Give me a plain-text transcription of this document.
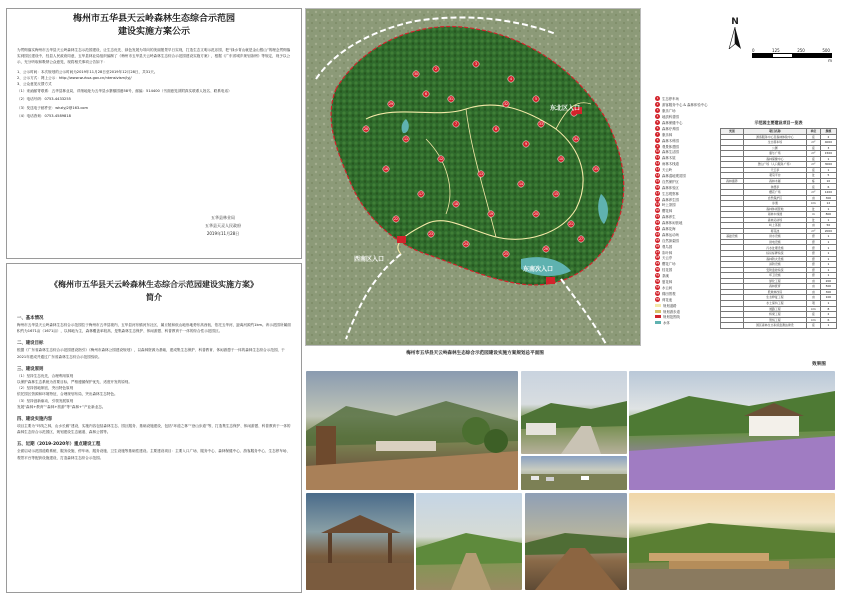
梅州市五华县天云岭森林生态综合示范园
建设实施方案公示
为贯彻落实梅州市五华县天云岭森林生态示范园建设，让生态优先、绿色发展为导向的美丽愿景早日实现，打造生态文明示范乐园，把“绿水青山就是金山银山”的理念贯彻落实到园区建设中，经县人民政府同意，五华县林业局组织编制了《梅州市五华县天云岭森林生态综合示范园建设实施方案》，根据《广东省城乡规划条例》等规定，现予以公示，充分听取和吸纳公众意见，现将相关事项公告如下：
1、公示时间：本次规划的公示时间为2019年11月28日至2019年12月28日，共31天。
2、公示方式：网上公示：http://www.wuhua.gov.cn/ntensivism/lyj/
3、公众意见反馈方式
（1）来函邮寄联系：五华县林业局，详细地址为五华县水寨镇园港58号，邮编：514400（书面意见须附真实联系人姓名、联系电话）
（2）电话号码：0753-4433255
（3）发送电子邮件至：whzlyj2@163.com
（4）电话咨询：0753-4589818
五华县林业局
五华县天灵人民政府
2019年11月28日
《梅州市五华县天云岭森林生态综合示范园建设实施方案》
简介
一、基本情况
梅州市五华县天云岭森林生态综合示范园位于梅州市五华县境内，五华县河东镇河东社区，属丘陵和低山地形地势东高西低，依托五华河，距离河源约1km。该示范园所属面积约为1671亩（1671亩），以林地为主，森林覆盖率较高，是集森林生态保护、休闲游憩、科普教育于一体的综合性示范园区。
二、建设目标
根据《广东省森林生态综合示范园建设指引》《梅州市森林公园建设规划》，以森林资源为基础，建成集生态保护、科普教育、休闲游憩于一体的森林生态综合示范园，于2021年建成并通过广东省森林生态综合示范园验收。
三、建设原则
（1）坚持生态优先，合理利用原则
以保护森林生态系统为首要目标，严格遵循保护优先、适度开发的原则。
（2）坚持因地制宜，突出特色原则
依托园区资源和环境特征，合理规划布局，突出森林生态特色。
（3）坚持创新驱动，引领发展原则
发展“森林+教育”“森林+旅游”等“森林+”产业新业态。
四、建设实施内容
项目主要为“环线之林，山水长廊”建设，实施内容包括森林生态、园区服务、基础设施建设，包括“环道之林”“登山步道”等，打造集生态保护、休闲游憩、科普教育于一体的森林生态综合示范园区，规划建设生态廊道、森林公园等。
五、近期（2019-2020年）重点建设工程
全面启动示范园道路系统、服务设施、停车场、服务设施、卫生设施等基础性建设。主要建设项目：主要入口广场、服务中心、森林保健中心、游客服务中心、生态停车场、观景平台等配套设施建设，打造森林生态综合示范园。
2
3
4
5
6
7
8
9
10
11
12
13
14
15
16
17
18
19	20
21
22
23
24
25
26
27
28
29
30
31
32
33
34
35
东北区入口
西南区入口
东南次入口
梅州市五华县天云岭森林生态综合示范园建设实施方案规划总平面图
N
0	125	250	500
m
1	生态停车场
2	游客服务中心 & 森林体验中心
3	康乐广场
4	地质科普园
5	森林保健中心
6	森林疗养园
7	康乐林
8	森林木科园
9	观景休憩园
10 森林生活园
11 森林木屋
12 雨林木栈道
13 天云岭
14 森林湿地观赏园
15 自然保护区
16 森林体验区
17 生态观察林
18 森林养生园
19 岭上茶园
20 樱花林
21 森林养生
22 森林休闲营地
23 森林花海
24 森林运动场
25 自然探索园
26 观鸟园
27 彩叶林
28 天云亭
29 樱花广场
30 桂花园
31 茶溪
32 夏花林
33 水云间
34 梯田景观
35 荷花池
规划道路
规划游步道
规划范围线
水体
示范园主要建设项目一览表
类别	项目名称	单位	规模
	游客服务中心及森林体验中心	座	2
	生态停车场	m²	4000
	公厕	座	3
	康乐广场	m²	1500
	森林保健中心	座	1
	登山广场（入口服务广场）	m²	3000
	天云亭	座	1
	观景平台	处	5
森林康养	森林木屋	栋	10
	休憩亭	座	6
	樱花广场	m²	1200
	自然保护区	亩	300
	步道	km	12
	森林休闲营地	处	1
	雨林木栈道	m	800
	森林运动场	处	1
	岭上茶园	亩	50
	荷花池	m²	2000
基础设施	供水设施	套	1
	供电设施	套	1
	污水处理设施	套	1
	标识标牌系统	套	1
	森林防火设施	套	1
	消防设施	套	1
	安防监控系统	套	1
	环卫设施	套	1
	绿化工程	亩	200
	森林抚育	亩	500
	低效林改造	亩	300
	生态修复工程	亩	100
	水土保持工程	项	1
	道路工程	km	8
	桥梁工程	座	2
	管线工程	km	6
	园区森林生态系统监测站建设	座	1
效果图
